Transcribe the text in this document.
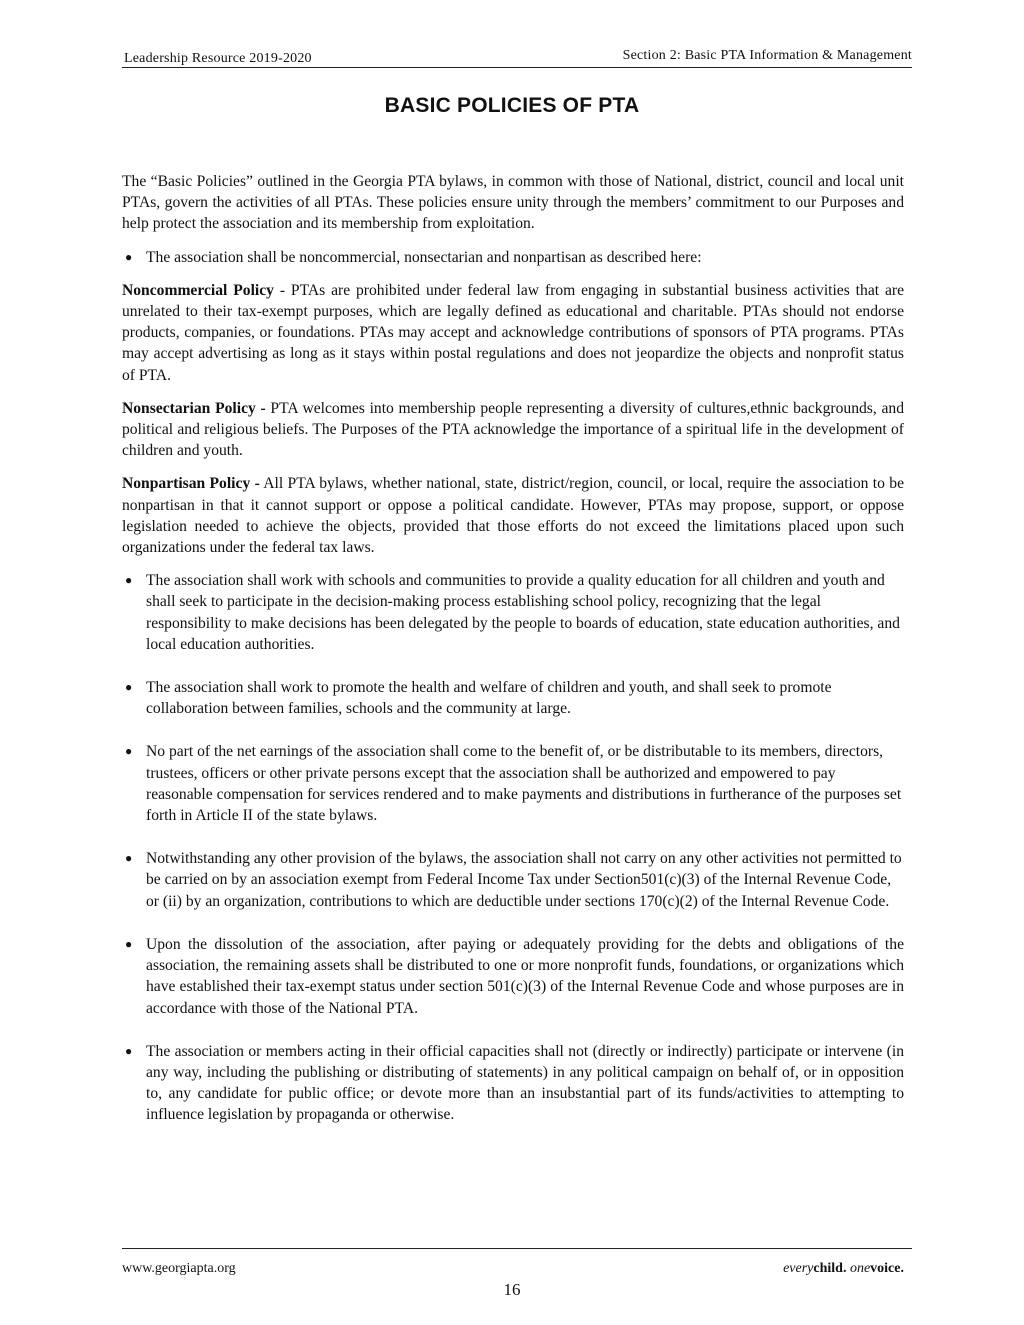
Leadership Resource 2019-2020	Section 2: Basic PTA Information & Management
BASIC POLICIES OF PTA

The “Basic Policies” outlined in the Georgia PTA bylaws, in common with those of National, district, council and local unit PTAs, govern the activities of all PTAs. These policies ensure unity through the members’ commitment to our Purposes and help protect the association and its membership from exploitation.

● The association shall be noncommercial, nonsectarian and nonpartisan as described here:

Noncommercial Policy - PTAs are prohibited under federal law from engaging in substantial business activities that are unrelated to their tax-exempt purposes, which are legally defined as educational and charitable. PTAs should not endorse products, companies, or foundations. PTAs may accept and acknowledge contributions of sponsors of PTA programs. PTAs may accept advertising as long as it stays within postal regulations and does not jeopardize the objects and nonprofit status of PTA.

Nonsectarian Policy - PTA welcomes into membership people representing a diversity of cultures,ethnic backgrounds, and political and religious beliefs. The Purposes of the PTA acknowledge the importance of a spiritual life in the development of children and youth.

Nonpartisan Policy - All PTA bylaws, whether national, state, district/region, council, or local, require the association to be nonpartisan in that it cannot support or oppose a political candidate. However, PTAs may propose, support, or oppose legislation needed to achieve the objects, provided that those efforts do not exceed the limitations placed upon such organizations under the federal tax laws.

● The association shall work with schools and communities to provide a quality education for all children and youth and shall seek to participate in the decision-making process establishing school policy, recognizing that the legal responsibility to make decisions has been delegated by the people to boards of education, state education authorities, and local education authorities.
● The association shall work to promote the health and welfare of children and youth, and shall seek to promote collaboration between families, schools and the community at large.
● No part of the net earnings of the association shall come to the benefit of, or be distributable to its members, directors, trustees, officers or other private persons except that the association shall be authorized and empowered to pay reasonable compensation for services rendered and to make payments and distributions in furtherance of the purposes set forth in Article II of the state bylaws.
● Notwithstanding any other provision of the bylaws, the association shall not carry on any other activities not permitted to be carried on by an association exempt from Federal Income Tax under Section501(c)(3) of the Internal Revenue Code, or (ii) by an organization, contributions to which are deductible under sections 170(c)(2) of the Internal Revenue Code.
● Upon the dissolution of the association, after paying or adequately providing for the debts and obligations of the association, the remaining assets shall be distributed to one or more nonprofit funds, foundations, or organizations which have established their tax-exempt status under section 501(c)(3) of the Internal Revenue Code and whose purposes are in accordance with those of the National PTA.
● The association or members acting in their official capacities shall not (directly or indirectly) participate or intervene (in any way, including the publishing or distributing of statements) in any political campaign on behalf of, or in opposition to, any candidate for public office; or devote more than an insubstantial part of its funds/activities to attempting to influence legislation by propaganda or otherwise.
www.georgiapta.org	everychild. onevoice.
16
